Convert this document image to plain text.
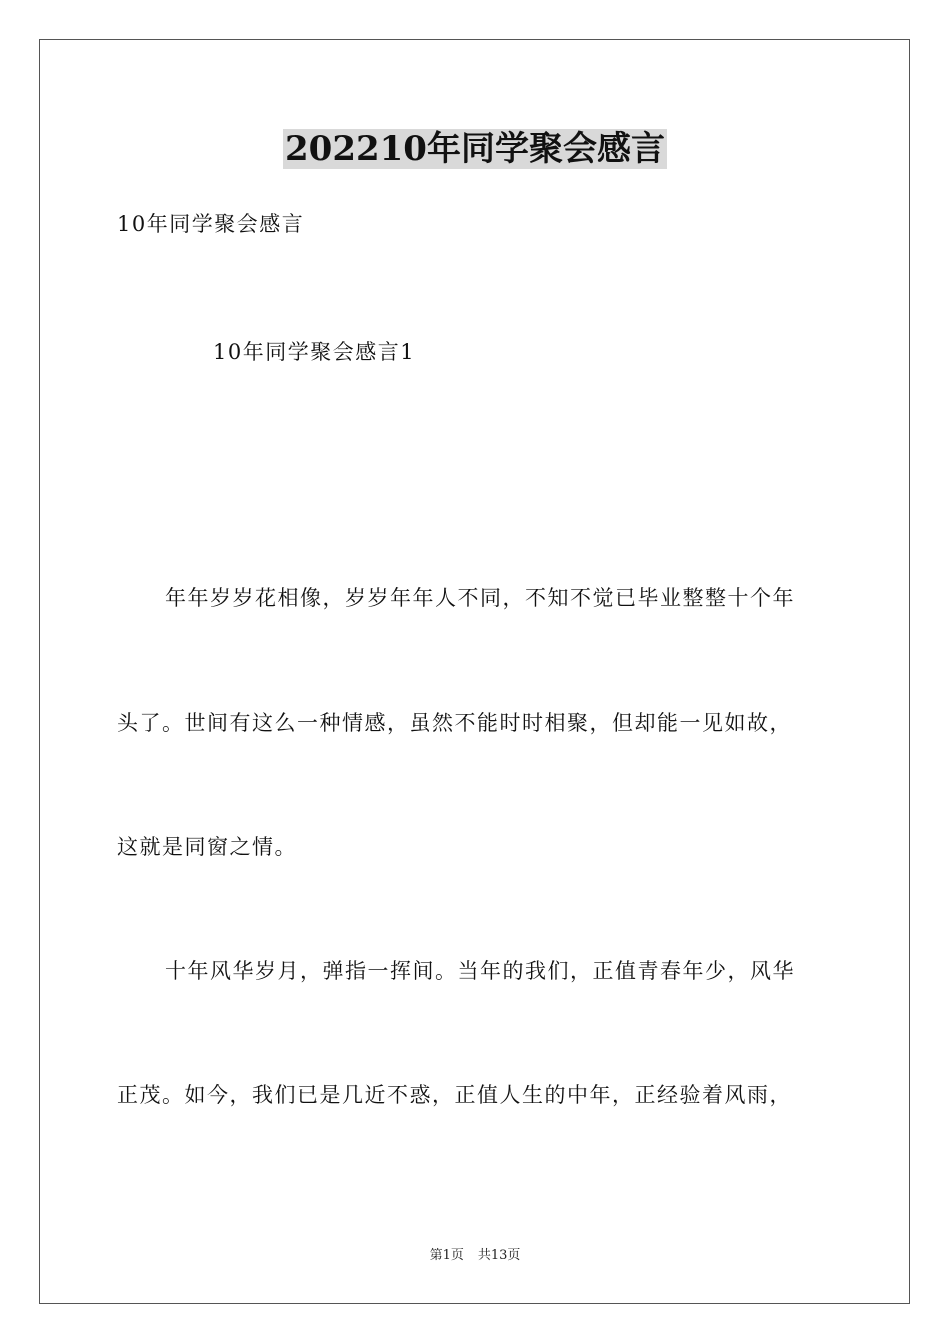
202210年同学聚会感言
10年同学聚会感言
10年同学聚会感言1
年年岁岁花相像，岁岁年年人不同，不知不觉已毕业整整十个年
头了。世间有这么一种情感，虽然不能时时相聚，但却能一见如故，
这就是同窗之情。
十年风华岁月，弹指一挥间。当年的我们，正值青春年少，风华
正茂。如今，我们已是几近不惑，正值人生的中年，正经验着风雨，
第1页 共13页
